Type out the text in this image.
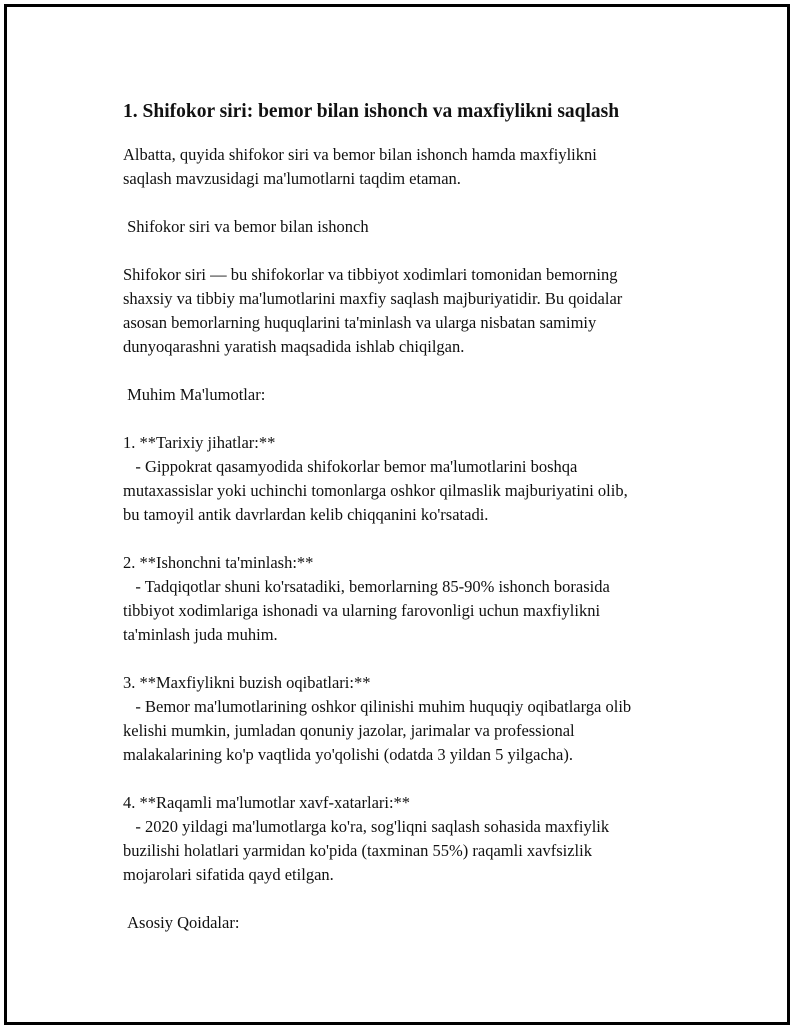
1. Shifokor siri: bemor bilan ishonch va maxfiylikni saqlash

Albatta, quyida shifokor siri va bemor bilan ishonch hamda maxfiylikni
saqlash mavzusidagi ma'lumotlarni taqdim etaman.

Shifokor siri va bemor bilan ishonch

Shifokor siri — bu shifokorlar va tibbiyot xodimlari tomonidan bemorning
shaxsiy va tibbiy ma'lumotlarini maxfiy saqlash majburiyatidir. Bu qoidalar
asosan bemorlarning huquqlarini ta'minlash va ularga nisbatan samimiy
dunyoqarashni yaratish maqsadida ishlab chiqilgan.

Muhim Ma'lumotlar:

1. **Tarixiy jihatlar:**
- Gippokrat qasamyodida shifokorlar bemor ma'lumotlarini boshqa
mutaxassislar yoki uchinchi tomonlarga oshkor qilmaslik majburiyatini olib,
bu tamoyil antik davrlardan kelib chiqqanini ko'rsatadi.

2. **Ishonchni ta'minlash:**
- Tadqiqotlar shuni ko'rsatadiki, bemorlarning 85-90% ishonch borasida
tibbiyot xodimlariga ishonadi va ularning farovonligi uchun maxfiylikni
ta'minlash juda muhim.

3. **Maxfiylikni buzish oqibatlari:**
- Bemor ma'lumotlarining oshkor qilinishi muhim huquqiy oqibatlarga olib
kelishi mumkin, jumladan qonuniy jazolar, jarimalar va professional
malakalarining ko'p vaqtlida yo'qolishi (odatda 3 yildan 5 yilgacha).

4. **Raqamli ma'lumotlar xavf-xatarlari:**
- 2020 yildagi ma'lumotlarga ko'ra, sog'liqni saqlash sohasida maxfiylik
buzilishi holatlari yarmidan ko'pida (taxminan 55%) raqamli xavfsizlik
mojarolari sifatida qayd etilgan.

Asosiy Qoidalar:
